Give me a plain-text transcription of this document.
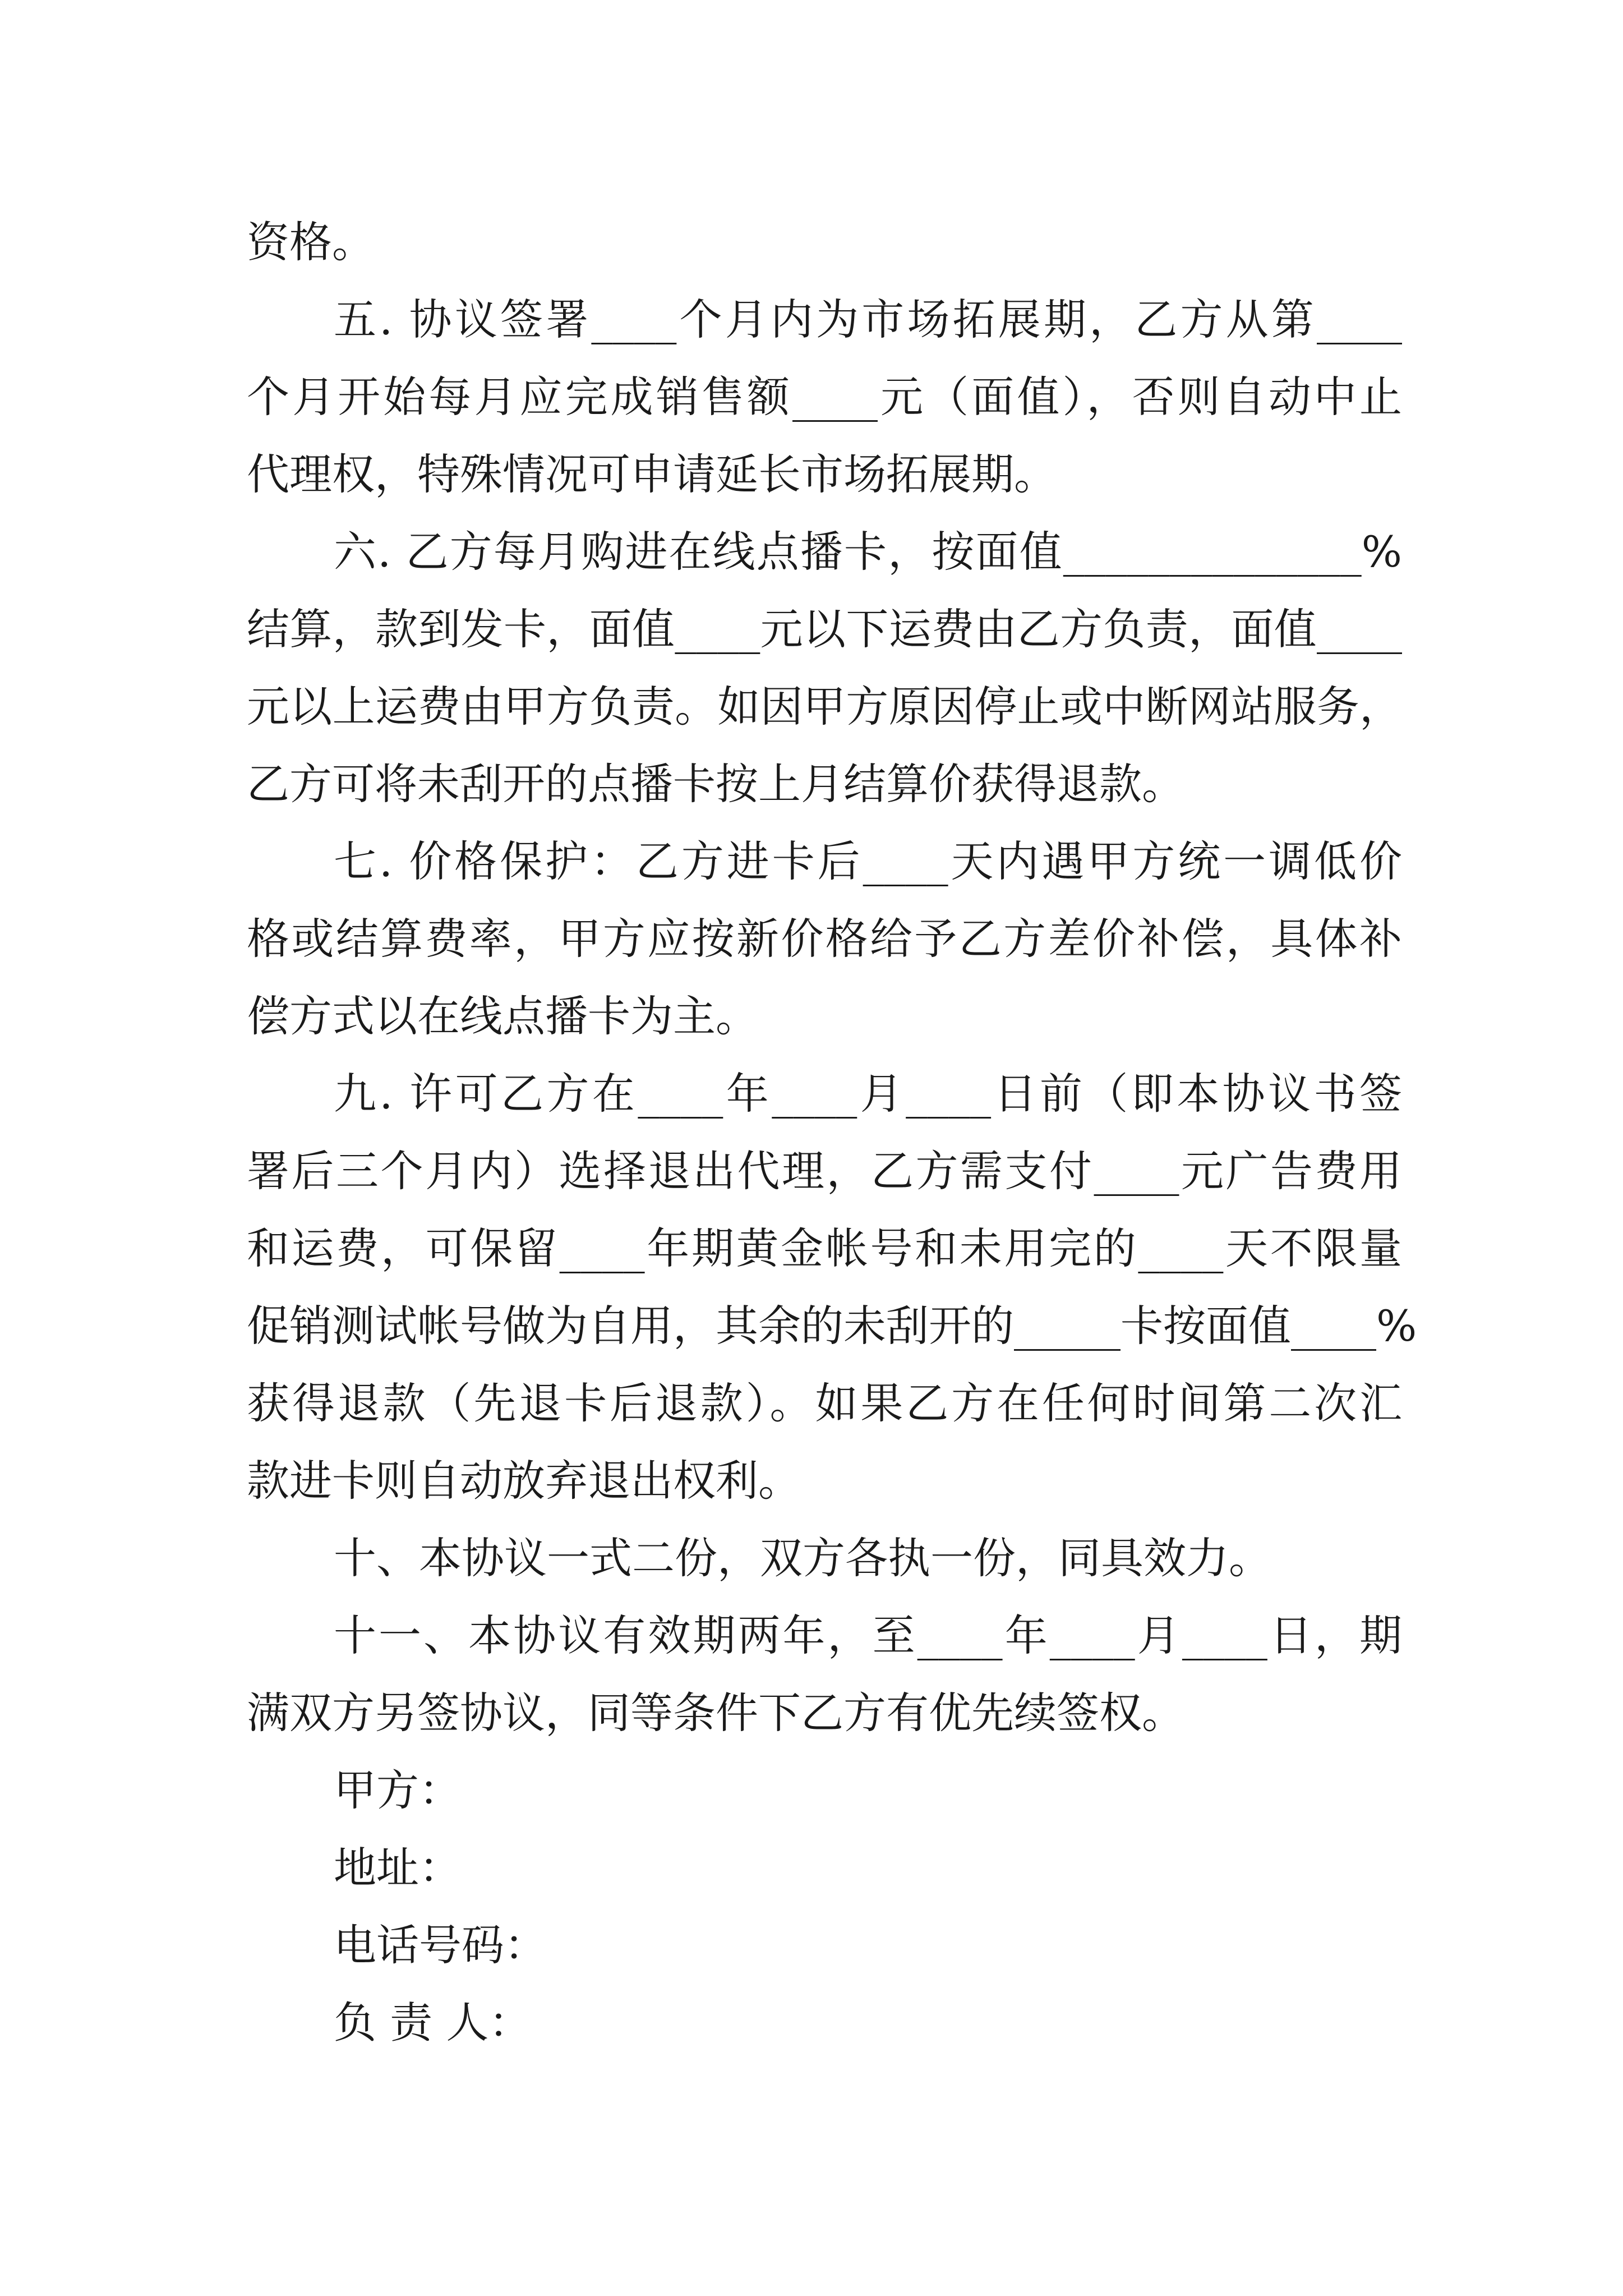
资格。
五. 协议签署____个月内为市场拓展期，乙方从第____
个月开始每月应完成销售额____元（面值），否则自动中止
代理权，特殊情况可申请延长市场拓展期。
六. 乙方每月购进在线点播卡，按面值______________%
结算，款到发卡，面值____元以下运费由乙方负责，面值____
元以上运费由甲方负责。如因甲方原因停止或中断网站服务，
乙方可将未刮开的点播卡按上月结算价获得退款。
七. 价格保护：乙方进卡后____天内遇甲方统一调低价
格或结算费率，甲方应按新价格给予乙方差价补偿，具体补
偿方式以在线点播卡为主。
九. 许可乙方在____年____月____日前（即本协议书签
署后三个月内）选择退出代理，乙方需支付____元广告费用
和运费，可保留____年期黄金帐号和未用完的____天不限量
促销测试帐号做为自用，其余的未刮开的_____卡按面值____%
获得退款（先退卡后退款）。如果乙方在任何时间第二次汇
款进卡则自动放弃退出权利。
十、本协议一式二份，双方各执一份，同具效力。
十一、本协议有效期两年，至____年____月____日，期
满双方另签协议，同等条件下乙方有优先续签权。
甲方：
地址：
电话号码：
负 责 人：
